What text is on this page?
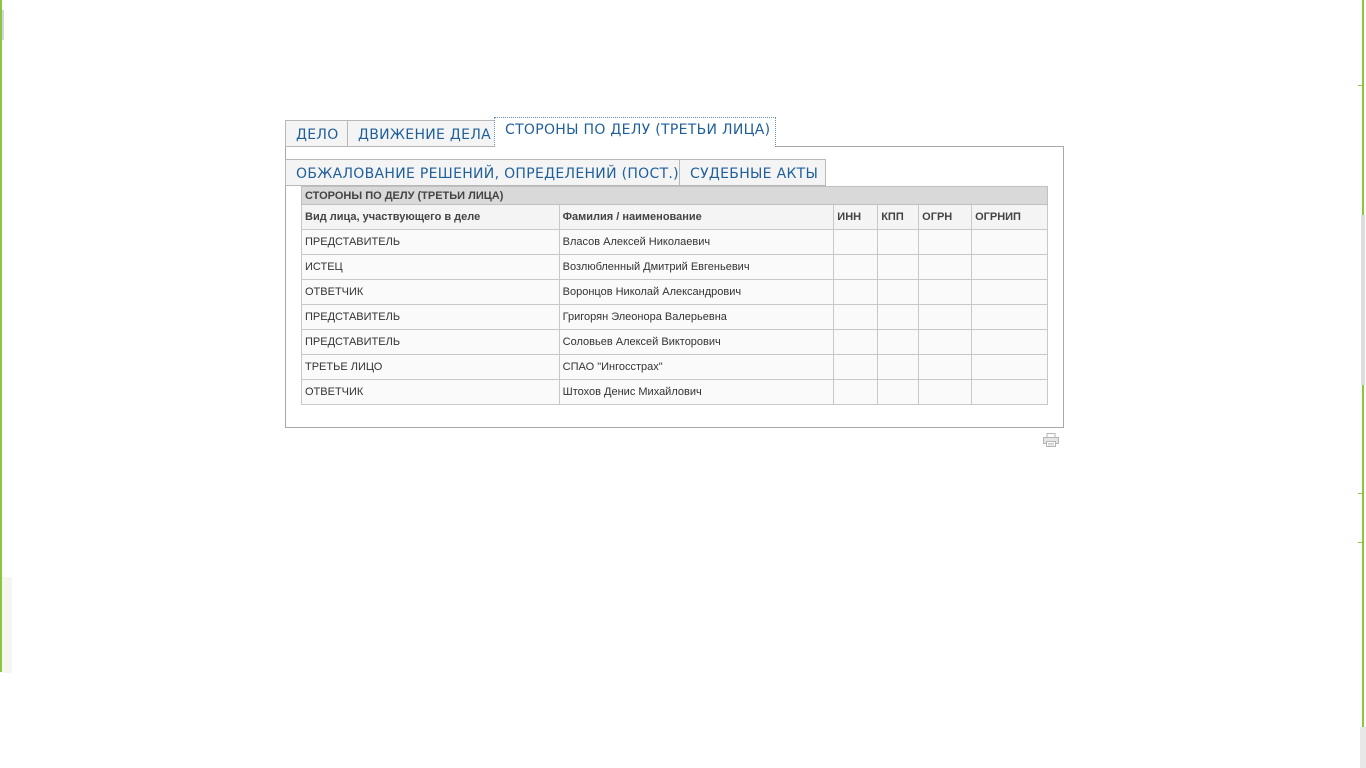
ДЕЛО	ДВИЖЕНИЕ ДЕЛА СТОРОНЫ ПО ДЕЛУ (ТРЕТЬИ ЛИЦА)
ОБЖАЛОВАНИЕ РЕШЕНИЙ, ОПРЕДЕЛЕНИЙ (ПОСТ.) СУДЕБНЫЕ АКТЫ
СТОРОНЫ ПО ДЕЛУ (ТРЕТЬИ ЛИЦА)					
Вид лица, участвующего в деле	Фамилия / наименование	ИНН	КПП	ОГРН	ОГРНИП
ПРЕДСТАВИТЕЛЬ	Власов Алексей Николаевич				
ИСТЕЦ	Возлюбленный Дмитрий Евгеньевич				
ОТВЕТЧИК	Воронцов Николай Александрович				
ПРЕДСТАВИТЕЛЬ	Григорян Элеонора Валерьевна				
ПРЕДСТАВИТЕЛЬ	Соловьев Алексей Викторович				
ТРЕТЬЕ ЛИЦО	СПАО "Ингосстрах"				
ОТВЕТЧИК	Штохов Денис Михайлович				
